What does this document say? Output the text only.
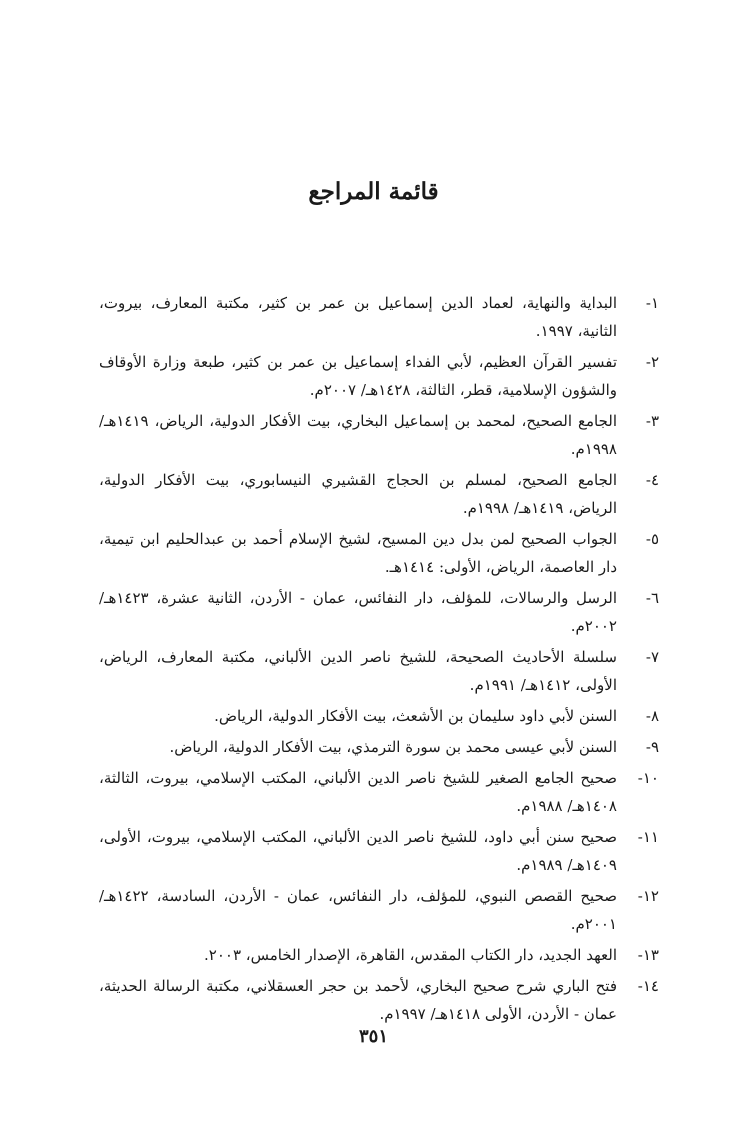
قائمة المراجع
١-
البداية والنهاية، لعماد الدين إسماعيل بن عمر بن كثير، مكتبة المعارف، بيروت، الثانية، ١٩٩٧.
٢-
تفسير القرآن العظيم، لأبي الفداء إسماعيل بن عمر بن كثير، طبعة وزارة الأوقاف والشؤون الإسلامية، قطر، الثالثة، ١٤٢٨هـ/ ٢٠٠٧م.
٣-
الجامع الصحيح، لمحمد بن إسماعيل البخاري، بيت الأفكار الدولية، الرياض، ١٤١٩هـ/ ١٩٩٨م.
٤-
الجامع الصحيح، لمسلم بن الحجاج القشيري النيسابوري، بيت الأفكار الدولية، الرياض، ١٤١٩هـ/ ١٩٩٨م.
٥-
الجواب الصحيح لمن بدل دين المسيح، لشيخ الإسلام أحمد بن عبدالحليم ابن تيمية، دار العاصمة، الرياض، الأولى: ١٤١٤هـ.
٦-
الرسل والرسالات، للمؤلف، دار النفائس، عمان - الأردن، الثانية عشرة، ١٤٢٣هـ/ ٢٠٠٢م.
٧-
سلسلة الأحاديث الصحيحة، للشيخ ناصر الدين الألباني، مكتبة المعارف، الرياض، الأولى، ١٤١٢هـ/ ١٩٩١م.
٨-
السنن لأبي داود سليمان بن الأشعث، بيت الأفكار الدولية، الرياض.
٩-
السنن لأبي عيسى محمد بن سورة الترمذي، بيت الأفكار الدولية، الرياض.
١٠-
صحيح الجامع الصغير للشيخ ناصر الدين الألباني، المكتب الإسلامي، بيروت، الثالثة، ١٤٠٨هـ/ ١٩٨٨م.
١١-
صحيح سنن أبي داود، للشيخ ناصر الدين الألباني، المكتب الإسلامي، بيروت، الأولى، ١٤٠٩هـ/ ١٩٨٩م.
١٢-
صحيح القصص النبوي، للمؤلف، دار النفائس، عمان - الأردن، السادسة، ١٤٢٢هـ/ ٢٠٠١م.
١٣-
العهد الجديد، دار الكتاب المقدس، القاهرة، الإصدار الخامس، ٢٠٠٣.
١٤-
فتح الباري شرح صحيح البخاري، لأحمد بن حجر العسقلاني، مكتبة الرسالة الحديثة، عمان - الأردن، الأولى ١٤١٨هـ/ ١٩٩٧م.
٣٥١
